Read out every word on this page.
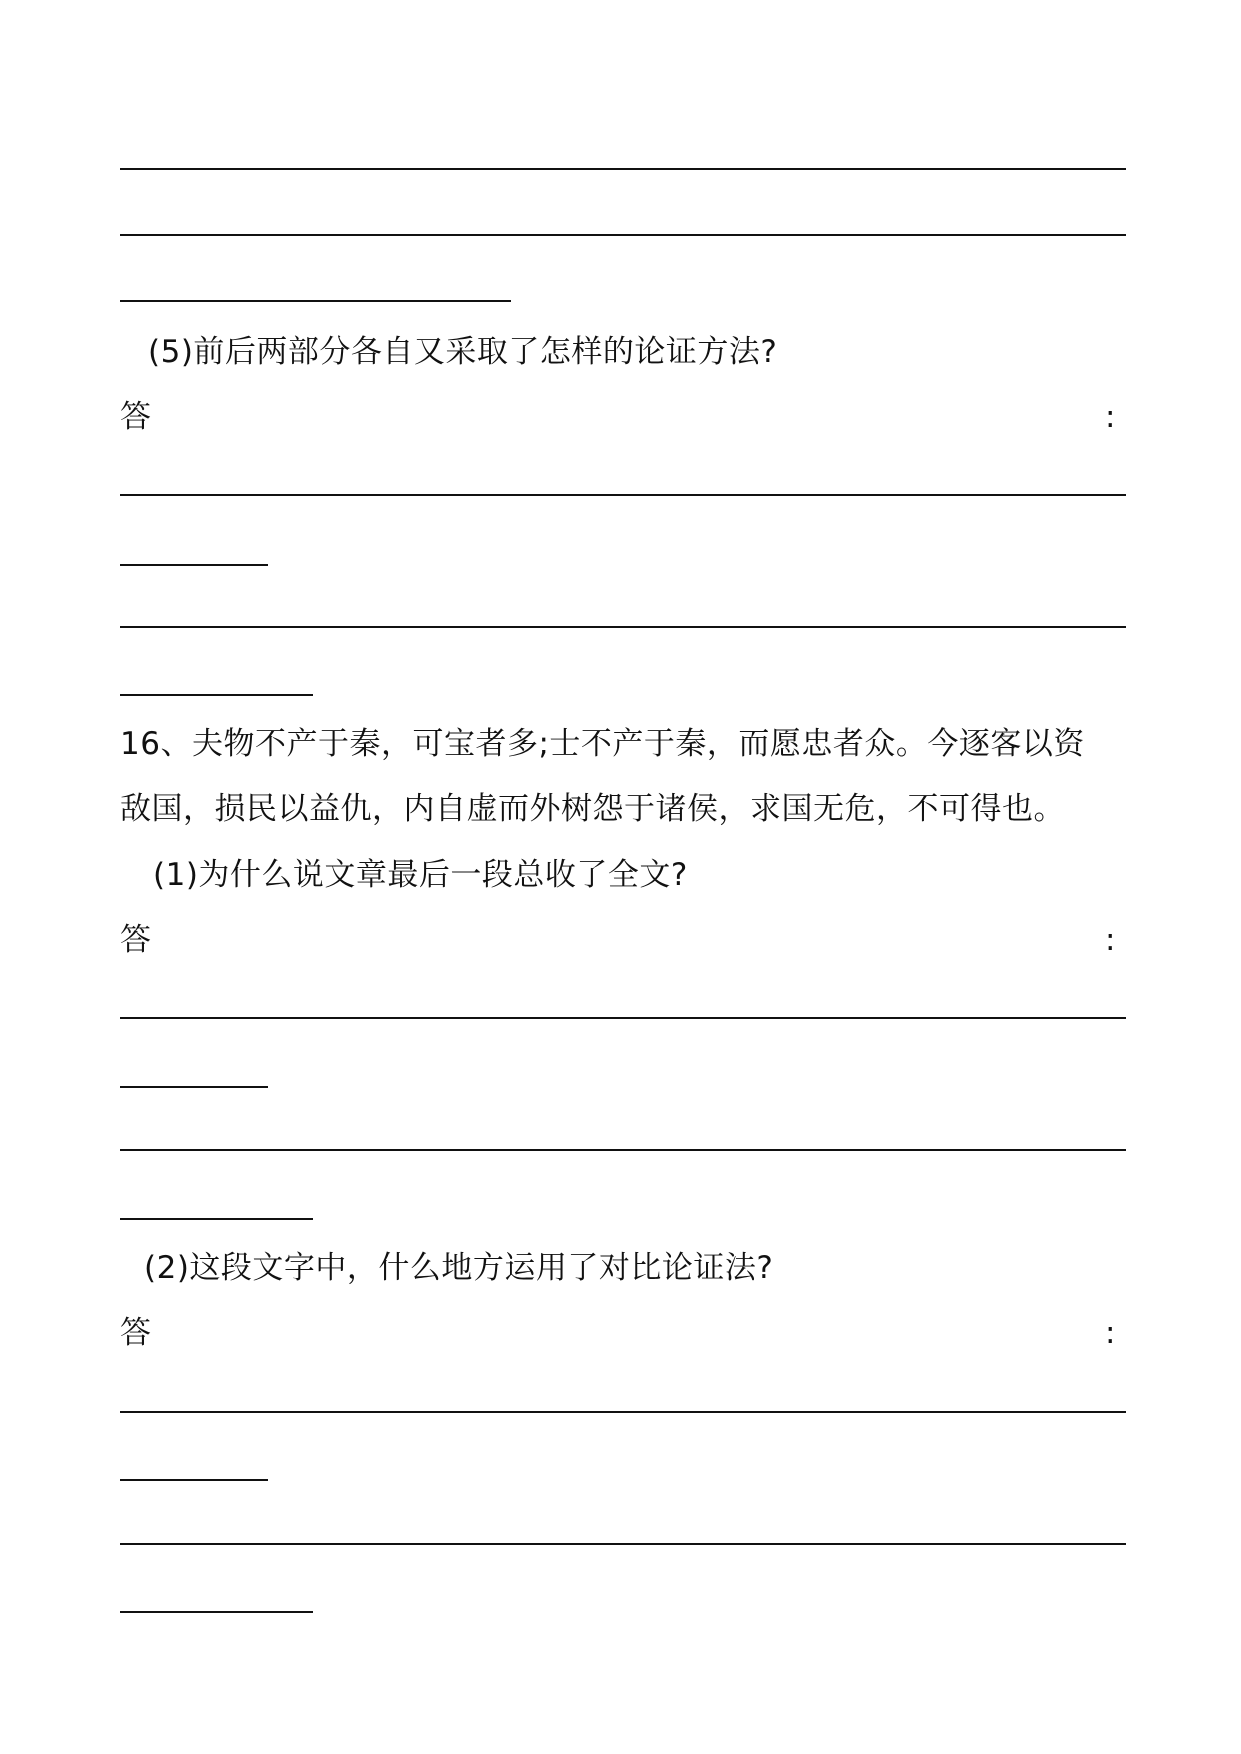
(5)前后两部分各自又采取了怎样的论证方法?
答	:
16、夫物不产于秦，可宝者多;士不产于秦，而愿忠者众。今逐客以资
敌国，损民以益仇，内自虚而外树怨于诸侯，求国无危，不可得也。
(1)为什么说文章最后一段总收了全文?
答	:
(2)这段文字中，什么地方运用了对比论证法?
答	:
